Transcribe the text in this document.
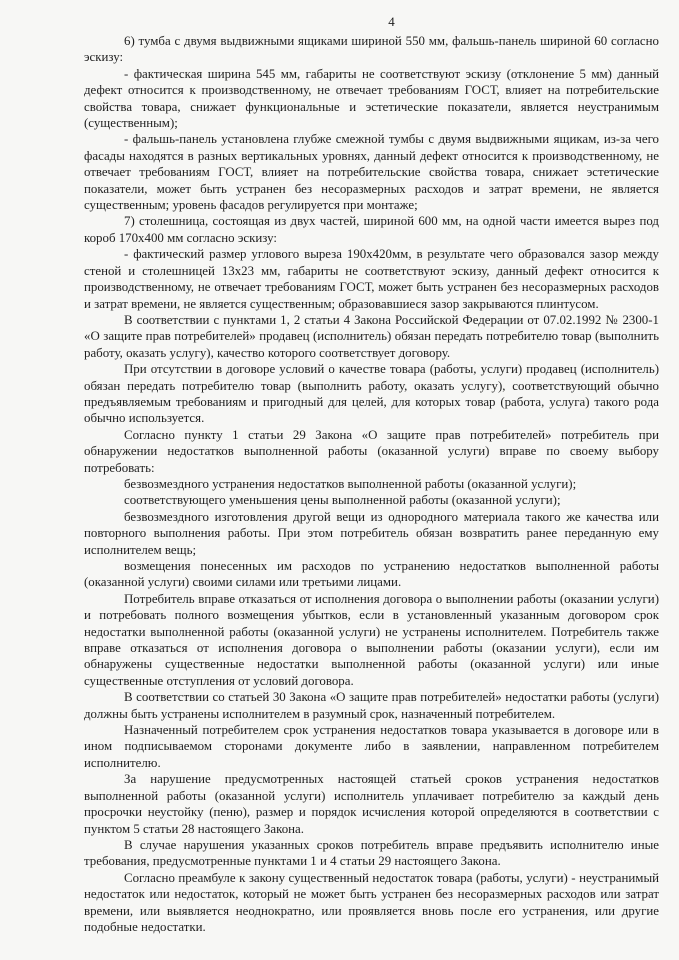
4

6) тумба с двумя выдвижными ящиками шириной 550 мм, фальшь-панель шириной 60 согласно эскизу:

- фактическая ширина 545 мм, габариты не соответствуют эскизу (отклонение 5 мм) данный дефект относится к производственному, не отвечает требованиям ГОСТ, влияет на потребительские свойства товара, снижает функциональные и эстетические показатели, является неустранимым (существенным);

- фальшь-панель установлена глубже смежной тумбы с двумя выдвижными ящикам, из-за чего фасады находятся в разных вертикальных уровнях, данный дефект относится к производственному, не отвечает требованиям ГОСТ, влияет на потребительские свойства товара, снижает эстетические показатели, может быть устранен без несоразмерных расходов и затрат времени, не является существенным; уровень фасадов регулируется при монтаже;

7) столешница, состоящая из двух частей, шириной 600 мм, на одной части имеется вырез под короб 170х400 мм согласно эскизу:

- фактический размер углового выреза 190х420мм, в результате чего образовался зазор между стеной и столешницей 13х23 мм, габариты не соответствуют эскизу, данный дефект относится к производственному, не отвечает требованиям ГОСТ, может быть устранен без несоразмерных расходов и затрат времени, не является существенным; образовавшиеся зазор закрываются плинтусом.

В соответствии с пунктами 1, 2 статьи 4 Закона Российской Федерации от 07.02.1992 № 2300-1 «О защите прав потребителей» продавец (исполнитель) обязан передать потребителю товар (выполнить работу, оказать услугу), качество которого соответствует договору.

При отсутствии в договоре условий о качестве товара (работы, услуги) продавец (исполнитель) обязан передать потребителю товар (выполнить работу, оказать услугу), соответствующий обычно предъявляемым требованиям и пригодный для целей, для которых товар (работа, услуга) такого рода обычно используется.

Согласно пункту 1 статьи 29 Закона «О защите прав потребителей» потребитель при обнаружении недостатков выполненной работы (оказанной услуги) вправе по своему выбору потребовать:

безвозмездного устранения недостатков выполненной работы (оказанной услуги);

соответствующего уменьшения цены выполненной работы (оказанной услуги);

безвозмездного изготовления другой вещи из однородного материала такого же качества или повторного выполнения работы. При этом потребитель обязан возвратить ранее переданную ему исполнителем вещь;

возмещения понесенных им расходов по устранению недостатков выполненной работы (оказанной услуги) своими силами или третьими лицами.

Потребитель вправе отказаться от исполнения договора о выполнении работы (оказании услуги) и потребовать полного возмещения убытков, если в установленный указанным договором срок недостатки выполненной работы (оказанной услуги) не устранены исполнителем. Потребитель также вправе отказаться от исполнения договора о выполнении работы (оказании услуги), если им обнаружены существенные недостатки выполненной работы (оказанной услуги) или иные существенные отступления от условий договора.

В соответствии со статьей 30 Закона «О защите прав потребителей» недостатки работы (услуги) должны быть устранены исполнителем в разумный срок, назначенный потребителем.

Назначенный потребителем срок устранения недостатков товара указывается в договоре или в ином подписываемом сторонами документе либо в заявлении, направленном потребителем исполнителю.

За нарушение предусмотренных настоящей статьей сроков устранения недостатков выполненной работы (оказанной услуги) исполнитель уплачивает потребителю за каждый день просрочки неустойку (пеню), размер и порядок исчисления которой определяются в соответствии с пунктом 5 статьи 28 настоящего Закона.

В случае нарушения указанных сроков потребитель вправе предъявить исполнителю иные требования, предусмотренные пунктами 1 и 4 статьи 29 настоящего Закона.

Согласно преамбуле к закону существенный недостаток товара (работы, услуги) - неустранимый недостаток или недостаток, который не может быть устранен без несоразмерных расходов или затрат времени, или выявляется неоднократно, или проявляется вновь после его устранения, или другие подобные недостатки.
